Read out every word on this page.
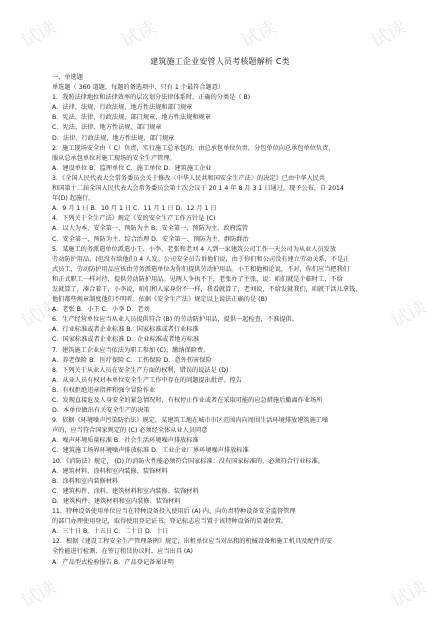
试读	试读	试读	试读
试读	试读
试读	试读
建筑施工企业安管人员考核题解析 C类
一、单选题
单选题（ 360 道题，每题的备选项中，只有 1 个最符合题意）
1．我照法律地位和法律效率的层次划分法律体系时，正确的分类是（ B)
A．法律、法规、行政法规、地方性法规和部门规章
B．宪法、法律、行政法规、部门规章、地方性法规和规章
C．宪法、法律、地方性法规、部门规章
D．法律、行政法规、地方性法规、部门规章
2．施工现场安全由（ C）负责，实行施工总承包的，由总承包单位负责，分包单位向总承包单位负责，
服从总承包单位对施工现场的安全生产管理。
A．建设单位 B．监理单位 C．施工单位 D．建筑施工企业
3．《全国人民代表大会常务委员会关于修改〈中华人民共和国安全生产法〉的决定》已由中华人民共
和国第十二届全国人民代表大会常务委员会第十次会议于 20 1 4 年 8 月 3 1 日通过，现予公布，自 2014
年(D) 起施行。
A．9 月 1 日 B．10 月 1 日 C．11 月 1 日 D．12 月 1 日
4．下列关于全生产法》规定《安的安全生产工作方针是 (C)
A．以人为本、安全第一、预防为主 B．安全第一、预防为主、政府监管
C．安全第一、预防为主、综合治理 D．安全第一、预防为主、群防群治
5．某施工的务派遣单位派遣小王、小李，老张和老刘 4 人到一家建筑公司工作一天公司为从业人员发放
劳动防护用品，(但没有给他们) 4 人发。公司安全员告诉他们说，由于你们和公司没有建立劳动关系，不是正
式员工，劳动防护用品应该由劳务派遣单位为你们提供劳动护用品。小王和他相论说，不对，你们应当把我们
和正式职工一样对待，提供劳动防护用品。见两人争执不下，老张办了主张，说：咱们就是个临时工，不给
发就算了，凑合着干，小李说，咱们和人家身份不一样，我看就算了，老刘说，不给发就我们，咱就干活儿拿钱，
他们都些规章制度他们不明听。依据《安全生产法》规定以上说法正确的是 (B)
A．老张 B．小王 C．小李 D．老刘
6．生产经营单位应当从业人员提供符合 (B) 的劳动防护用品，提供一起检查，不准提供。
A．行业标准或者企业标准 B．国家标准或者行业标准
C．国家标准或者企业标准 D．企业标准或者地方标准
7．建筑施工企业应当依法为职工参加 (C)，缴纳保险费。
A．养老保险 B．医疗保险 C．工伤保险 D．意外伤害保险
8．下列关于从业人员在安全生产方面的权利，错误的说法是 (D)
A．从业人员有权对本单位安全生产工作中存在的问题提出批评、控告
B．有权拒绝违章指挥和强令冒险作业
C．发现直接危及人身安全的紧急情况时，有权停止作业或者在采取可能的应急措施后撤离作业场所
D．本单位做出有关安全生产的决策
9．依据《环境噪声污染防治法》规定，某建筑工地在城市市区范围内向周围生活环境排放建筑施工噪
声的，应当符合国家规定的 (C) 必须经全体从业人员同意
A．噪声环境质量标准 B．社会生活环境噪声排放标准
C．建筑施工场界环境噪声排放标准 D．工业企业厂界环境噪声排放标准
10．《消防法》规定， (D) 的消防火性能必须符合国家标准：没有国家标准的，必须符合行业标准。
A．建筑材料、涂料和室内装修、装饰材料
B．涂料和室内装修材料
C．建筑构件、涂料、建筑材料和室内装修、装饰材料
D．建筑构件、建筑材料和室内装修、装饰材料
11．特种设备使用单位应当在特种设备投入使用后 (A) 内，向负责特种设备安全监督管理
的部门办理使用登记，取得使用登记证书。登记标志应当置于该特种设备的显著位置。
A．三十日 B．十五日 C．二十日 D．十日
12．根据《建设工程安全生产管理条例》规定，出租单位应当对出租的机械设备和施工机具及配件的安
全性能进行检测，在签订租赁协议时，应当出具 (A)
A．产品型式检验报告 B．产品登记备案证明
